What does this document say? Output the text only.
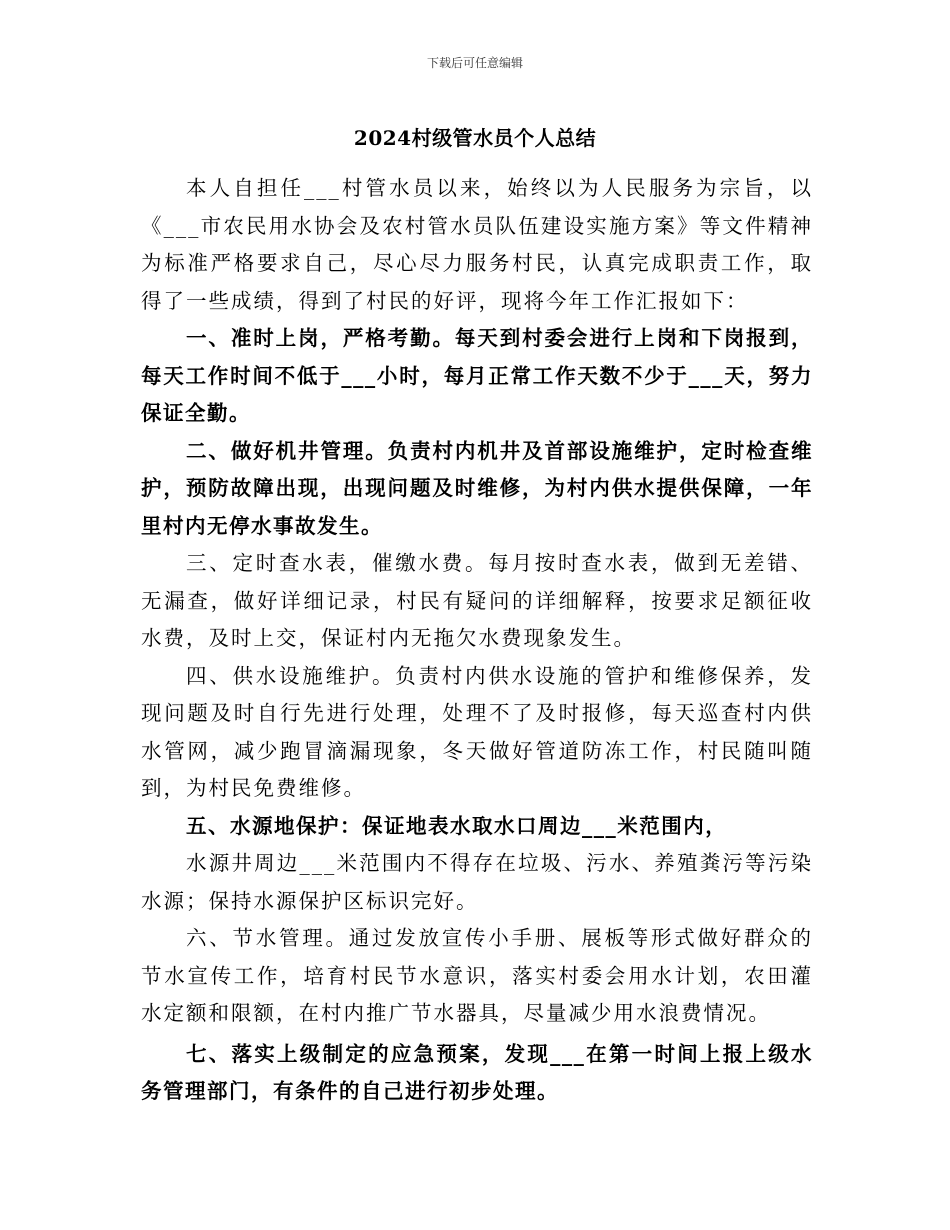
下载后可任意编辑
2024村级管水员个人总结

本人自担任___村管水员以来，始终以为人民服务为宗旨，以《___市农民用水协会及农村管水员队伍建设实施方案》等文件精神为标准严格要求自己，尽心尽力服务村民，认真完成职责工作，取得了一些成绩，得到了村民的好评，现将今年工作汇报如下：

一、准时上岗，严格考勤。每天到村委会进行上岗和下岗报到，每天工作时间不低于___小时，每月正常工作天数不少于___天，努力保证全勤。

二、做好机井管理。负责村内机井及首部设施维护，定时检查维护，预防故障出现，出现问题及时维修，为村内供水提供保障，一年里村内无停水事故发生。

三、定时查水表，催缴水费。每月按时查水表，做到无差错、无漏查，做好详细记录，村民有疑问的详细解释，按要求足额征收水费，及时上交，保证村内无拖欠水费现象发生。

四、供水设施维护。负责村内供水设施的管护和维修保养，发现问题及时自行先进行处理，处理不了及时报修，每天巡查村内供水管网，减少跑冒滴漏现象，冬天做好管道防冻工作，村民随叫随到，为村民免费维修。

五、水源地保护：保证地表水取水口周边___米范围内，

水源井周边___米范围内不得存在垃圾、污水、养殖粪污等污染水源；保持水源保护区标识完好。

六、节水管理。通过发放宣传小手册、展板等形式做好群众的节水宣传工作，培育村民节水意识，落实村委会用水计划，农田灌水定额和限额，在村内推广节水器具，尽量减少用水浪费情况。

七、落实上级制定的应急预案，发现___在第一时间上报上级水务管理部门，有条件的自己进行初步处理。
